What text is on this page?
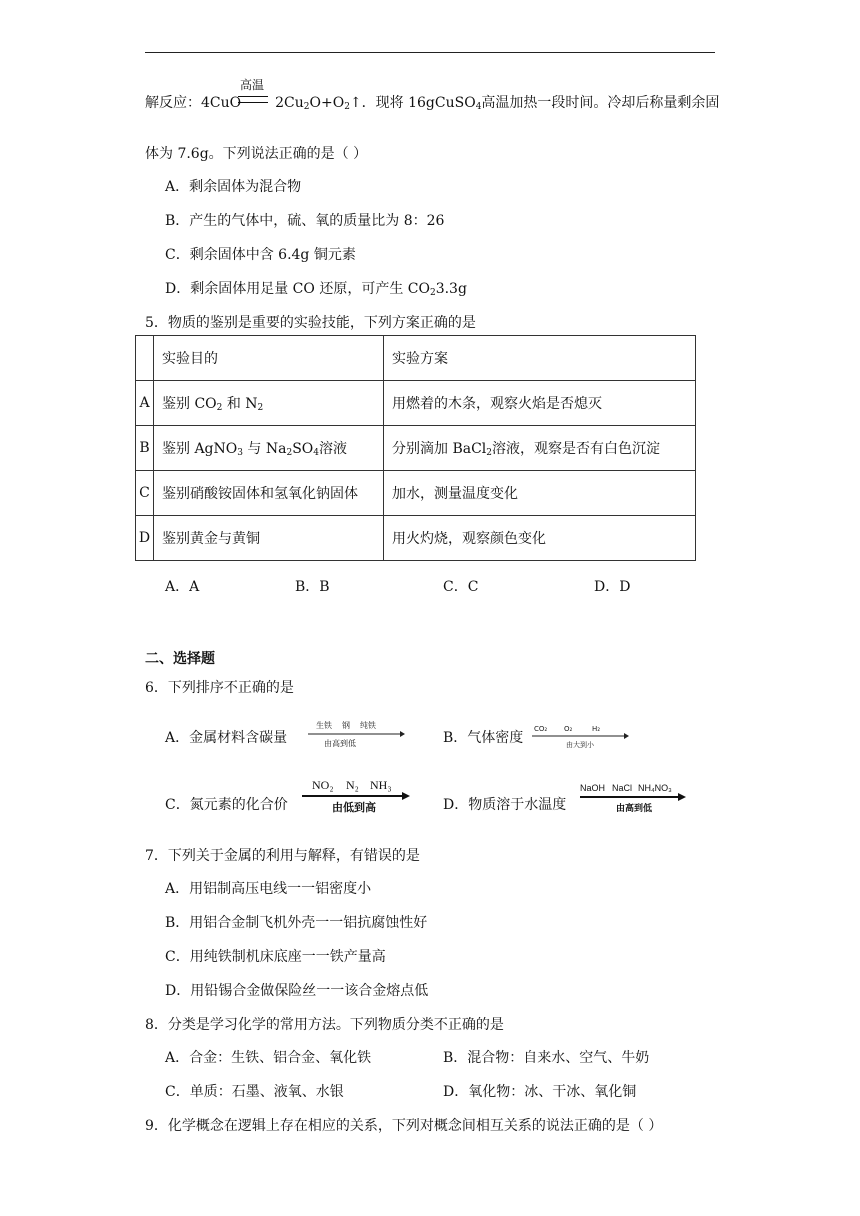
解反应：4CuO $2Cu_2O+O_2↑$．现将 16gCuSO$_4$高温加热一段时间。冷却后称量剩余固
高温
体为 7.6g。下列说法正确的是（ ）
A．剩余固体为混合物
B．产生的气体中，硫、氧的质量比为 8：26
C．剩余固体中含 6.4g 铜元素
D．剩余固体用足量 CO 还原，可产生 $CO_23.3g$
5．物质的鉴别是重要的实验技能，下列方案正确的是
	实验目的	实验方案
A	鉴别 $CO_2$ 和 $N_2$	用燃着的木条，观察火焰是否熄灭
B	鉴别 AgNO$_3$ 与 $Na_2SO_4$溶液	分别滴加 BaCl$_2$溶液，观察是否有白色沉淀
C	鉴别硝酸铵固体和氢氧化钠固体	加水，测量温度变化
D	鉴别黄金与黄铜	用火灼烧，观察颜色变化
A．A	B．B	C．C	D．D
二、选择题
6．下列排序不正确的是
A．金属材料含碳量
生铁 钢 纯铁
由高到低	B．气体密度
CO₂ O₂	H₂
由大到小
C．氮元素的化合价
NO₂ N₂ NH₃
由低到高	D．物质溶于水温度
NaOH NaCl NH₄NO₃
由高到低
7．下列关于金属的利用与解释，有错误的是
A．用铝制高压电线一一铝密度小
B．用铝合金制飞机外壳一一铝抗腐蚀性好
C．用纯铁制机床底座一一铁产量高
D．用铅锡合金做保险丝一一该合金熔点低
8．分类是学习化学的常用方法。下列物质分类不正确的是
A．合金：生铁、铝合金、氧化铁	B．混合物：自来水、空气、牛奶
C．单质：石墨、液氧、水银	D．氧化物：冰、干冰、氧化铜
9．化学概念在逻辑上存在相应的关系，下列对概念间相互关系的说法正确的是（ ）
